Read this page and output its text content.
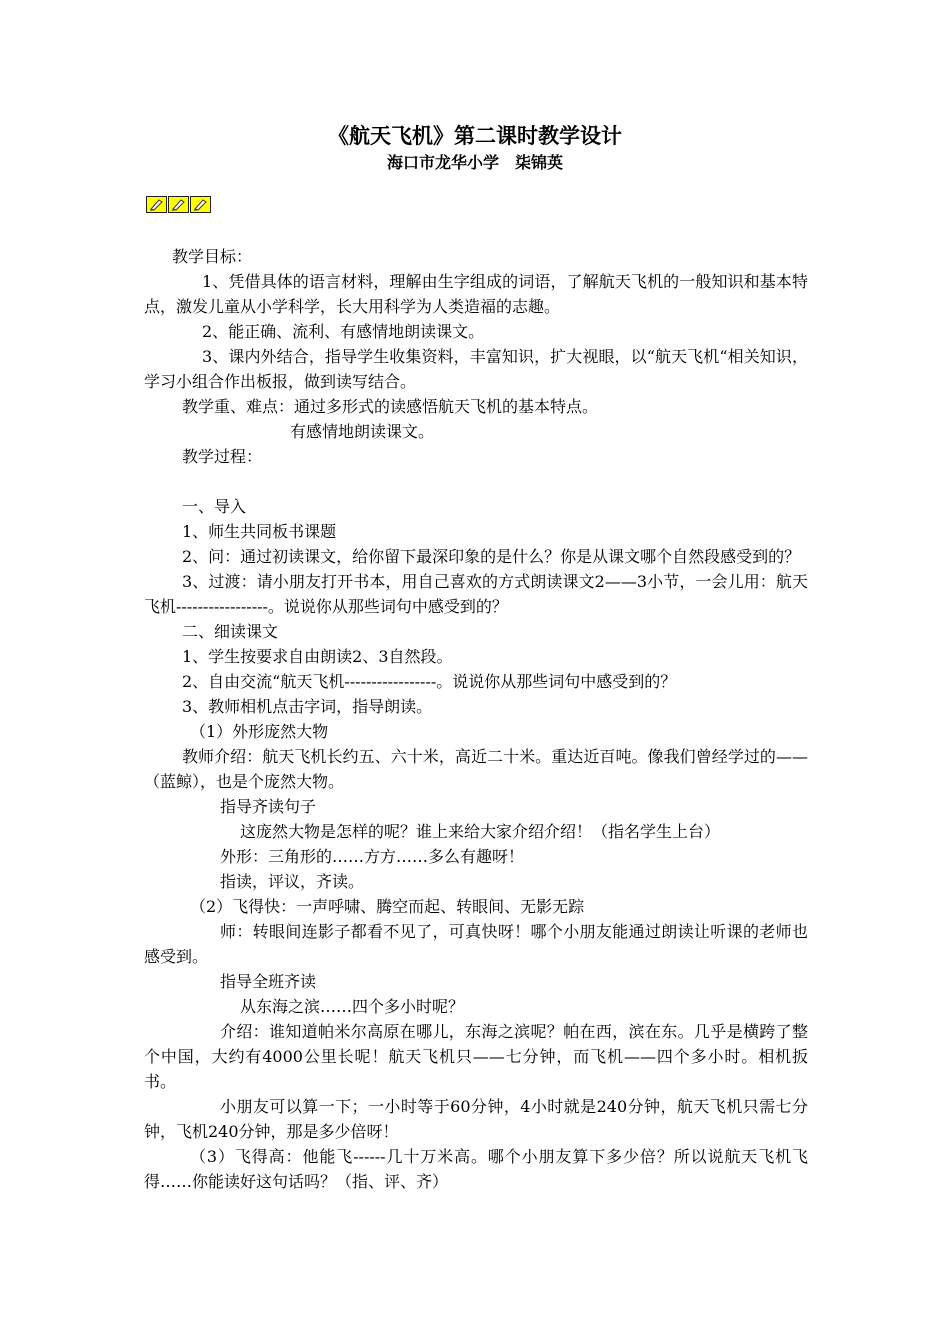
《航天飞机》第二课时教学设计
海口市龙华小学　柒锦英

教学目标：

1、凭借具体的语言材料，理解由生字组成的词语，了解航天飞机的一般知识和基本特点，激发儿童从小学科学，长大用科学为人类造福的志趣。

2、能正确、流利、有感情地朗读课文。

3、课内外结合，指导学生收集资料，丰富知识，扩大视眼，以“航天飞机“相关知识，学习小组合作出板报，做到读写结合。

教学重、难点：通过多形式的读感悟航天飞机的基本特点。

有感情地朗读课文。

教学过程：

一、导入

1、师生共同板书课题

2、问：通过初读课文，给你留下最深印象的是什么？你是从课文哪个自然段感受到的？

3、过渡：请小朋友打开书本，用自己喜欢的方式朗读课文2——3小节，一会儿用：航天飞机-----------------。说说你从那些词句中感受到的？

二、细读课文

1、学生按要求自由朗读2、3自然段。

2、自由交流“航天飞机-----------------。说说你从那些词句中感受到的？

3、教师相机点击字词，指导朗读。

（1）外形庞然大物

教师介绍：航天飞机长约五、六十米，高近二十米。重达近百吨。像我们曾经学过的——（蓝鲸），也是个庞然大物。

指导齐读句子

这庞然大物是怎样的呢？谁上来给大家介绍介绍！（指名学生上台）

外形：三角形的……方方……多么有趣呀！

指读，评议，齐读。

（2）飞得快：一声呼啸、腾空而起、转眼间、无影无踪

师：转眼间连影子都看不见了，可真快呀！哪个小朋友能通过朗读让听课的老师也感受到。

指导全班齐读

从东海之滨……四个多小时呢？

介绍：谁知道帕米尔高原在哪儿，东海之滨呢？帕在西，滨在东。几乎是横跨了整个中国，大约有4000公里长呢！航天飞机只——七分钟，而飞机——四个多小时。相机扳书。

小朋友可以算一下；一小时等于60分钟，4小时就是240分钟，航天飞机只需七分钟，飞机240分钟，那是多少倍呀！

（3）飞得高：他能飞------几十万米高。哪个小朋友算下多少倍？所以说航天飞机飞得……你能读好这句话吗？（指、评、齐）
